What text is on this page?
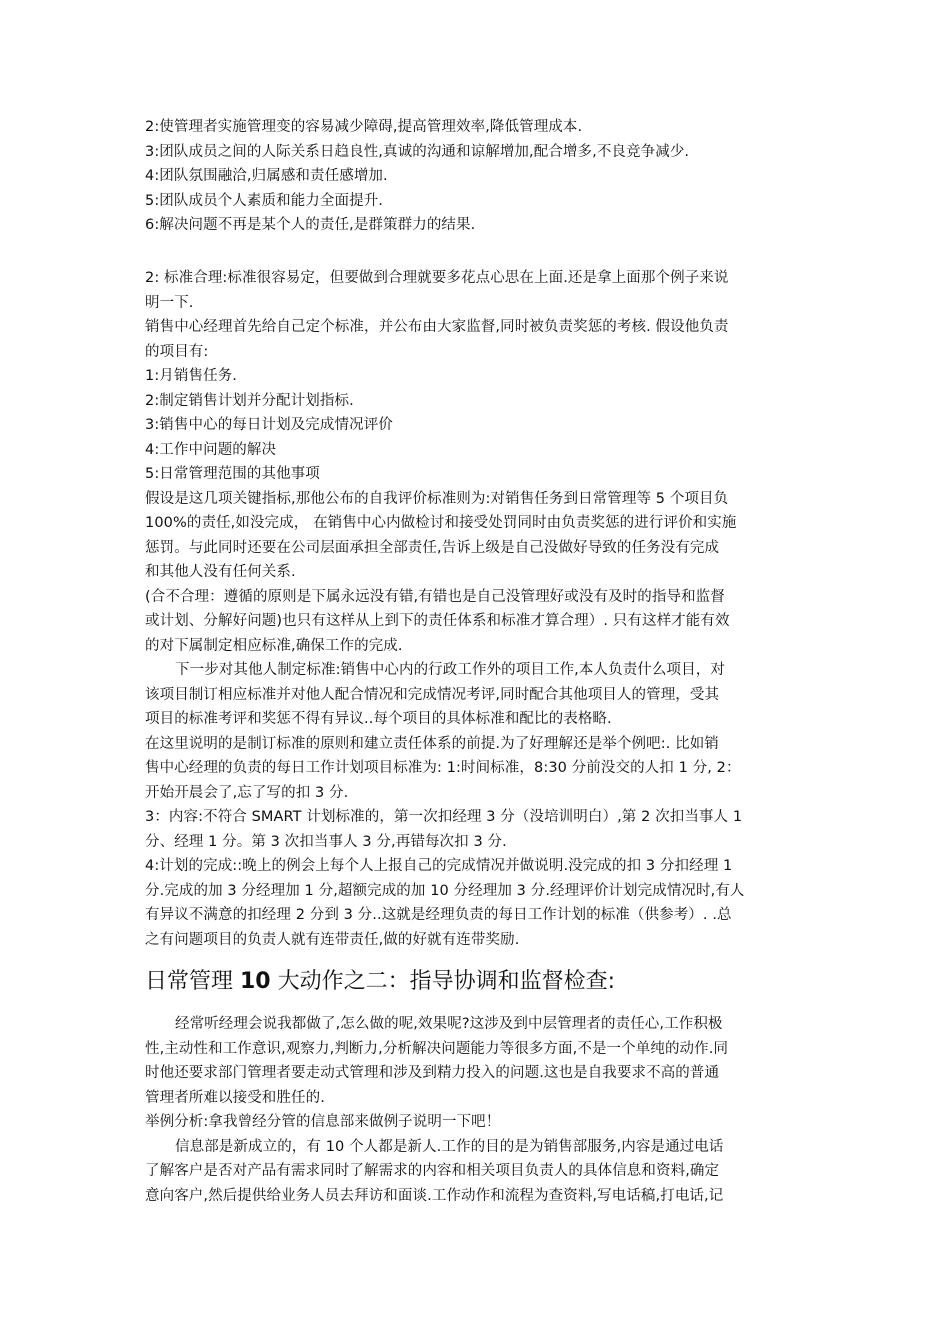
2:使管理者实施管理变的容易减少障碍,提高管理效率,降低管理成本.
3:团队成员之间的人际关系日趋良性,真诚的沟通和谅解增加,配合增多,不良竞争减少.
4:团队氛围融洽,归属感和责任感增加.
5:团队成员个人素质和能力全面提升.
6:解决问题不再是某个人的责任,是群策群力的结果.
2: 标准合理:标准很容易定，但要做到合理就要多花点心思在上面.还是拿上面那个例子来说
明一下.
销售中心经理首先给自己定个标准，并公布由大家监督,同时被负责奖惩的考核. 假设他负责
的项目有:
1:月销售任务.
2:制定销售计划并分配计划指标.
3:销售中心的每日计划及完成情况评价
4:工作中问题的解决
5:日常管理范围的其他事项
假设是这几项关键指标,那他公布的自我评价标准则为:对销售任务到日常管理等 5 个项目负
100%的责任,如没完成， 在销售中心内做检讨和接受处罚同时由负责奖惩的进行评价和实施
惩罚。与此同时还要在公司层面承担全部责任,告诉上级是自己没做好导致的任务没有完成
和其他人没有任何关系.
(合不合理：遵循的原则是下属永远没有错,有错也是自己没管理好或没有及时的指导和监督
或计划、分解好问题)也只有这样从上到下的责任体系和标准才算合理）. 只有这样才能有效
的对下属制定相应标准,确保工作的完成.
下一步对其他人制定标准:销售中心内的行政工作外的项目工作,本人负责什么项目，对
该项目制订相应标准并对他人配合情况和完成情况考评,同时配合其他项目人的管理，受其
项目的标准考评和奖惩不得有异议..每个项目的具体标准和配比的表格略.
在这里说明的是制订标准的原则和建立责任体系的前提.为了好理解还是举个例吧:. 比如销
售中心经理的负责的每日工作计划项目标准为: 1:时间标准，8:30 分前没交的人扣 1 分, 2：
开始开晨会了,忘了写的扣 3 分.
3：内容:不符合 SMART 计划标准的，第一次扣经理 3 分（没培训明白）,第 2 次扣当事人 1
分、经理 1 分。第 3 次扣当事人 3 分,再错每次扣 3 分.
4:计划的完成::晚上的例会上每个人上报自己的完成情况并做说明.没完成的扣 3 分扣经理 1
分.完成的加 3 分经理加 1 分,超额完成的加 10 分经理加 3 分.经理评价计划完成情况时,有人
有异议不满意的扣经理 2 分到 3 分..这就是经理负责的每日工作计划的标准（供参考）. .总
之有问题项目的负责人就有连带责任,做的好就有连带奖励.
日常管理 10 大动作之二：指导协调和监督检查:
经常听经理会说我都做了,怎么做的呢,效果呢?这涉及到中层管理者的责任心,工作积极
性,主动性和工作意识,观察力,判断力,分析解决问题能力等很多方面,不是一个单纯的动作.同
时他还要求部门管理者要走动式管理和涉及到精力投入的问题.这也是自我要求不高的普通
管理者所难以接受和胜任的.
举例分析:拿我曾经分管的信息部来做例子说明一下吧！
信息部是新成立的，有 10 个人都是新人.工作的目的是为销售部服务,内容是通过电话
了解客户是否对产品有需求同时了解需求的内容和相关项目负责人的具体信息和资料,确定
意向客户,然后提供给业务人员去拜访和面谈.工作动作和流程为查资料,写电话稿,打电话,记
